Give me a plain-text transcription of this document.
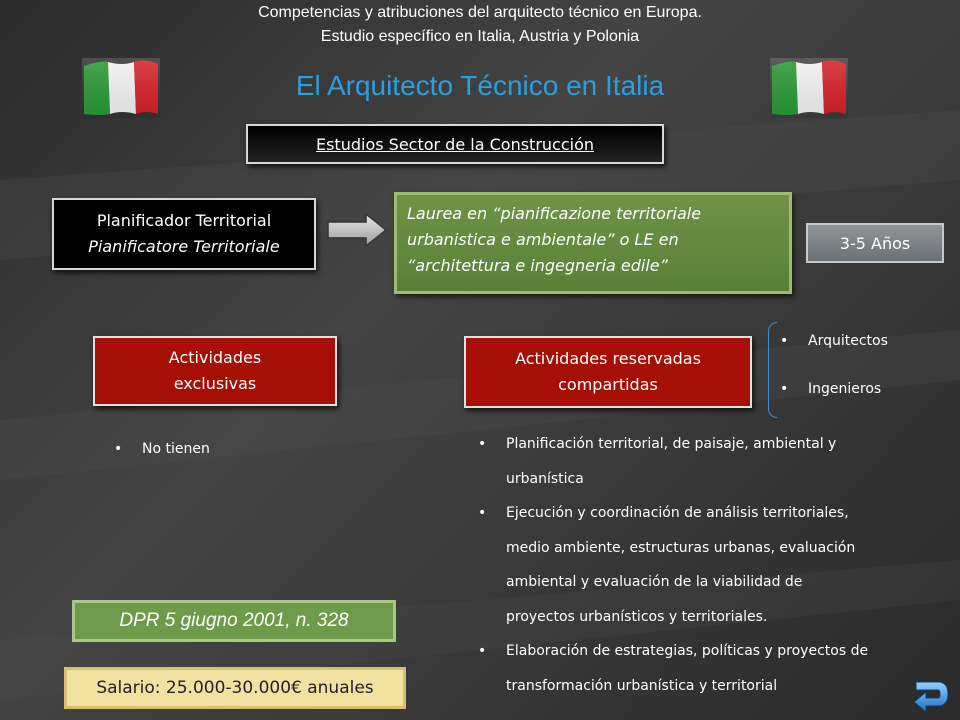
Competencias y atribuciones del arquitecto técnico en Europa.
Estudio específico en Italia, Austria y Polonia
El Arquitecto Técnico en Italia
Estudios Sector de la Construcción
Planificador Territorial
Pianificatore Territoriale
Laurea en “pianificazione territoriale
urbanistica e ambientale” o LE en
“architettura e ingegneria edile”
3-5 Años
Actividades
exclusivas
Actividades reservadas
compartidas
• Arquitectos
• Ingenieros
• No tienen	• Planificación territorial, de paisaje, ambiental y
urbanística
• Ejecución y coordinación de análisis territoriales,
medio ambiente, estructuras urbanas, evaluación
ambiental y evaluación de la viabilidad de
proyectos urbanísticos y territoriales.
• Elaboración de estrategias, políticas y proyectos de
transformación urbanística y territorial
DPR 5 giugno 2001, n. 328
Salario: 25.000-30.000€ anuales
